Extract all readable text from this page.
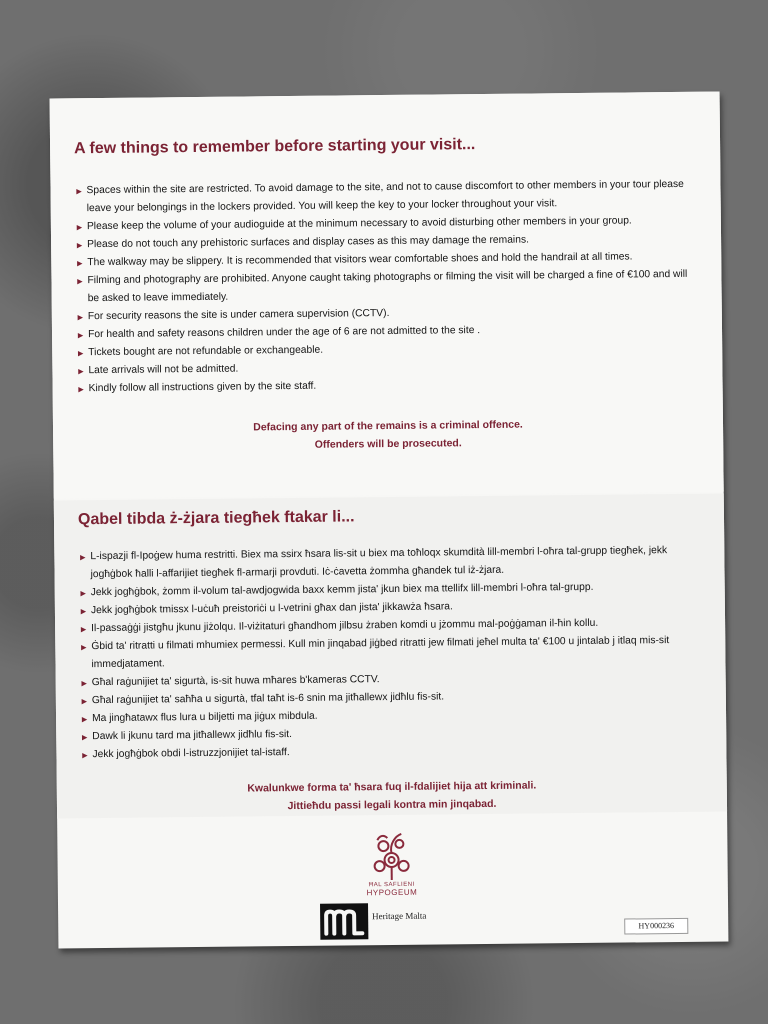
A few things to remember before starting your visit...
► Spaces within the site are restricted. To avoid damage to the site, and not to cause discomfort to other members in your tour please leave your belongings in the lockers provided. You will keep the key to your locker throughout your visit.
► Please keep the volume of your audioguide at the minimum necessary to avoid disturbing other members in your group.
► Please do not touch any prehistoric surfaces and display cases as this may damage the remains.
► The walkway may be slippery. It is recommended that visitors wear comfortable shoes and hold the handrail at all times.
► Filming and photography are prohibited. Anyone caught taking photographs or filming the visit will be charged a fine of €100 and will be asked to leave immediately.
► For security reasons the site is under camera supervision (CCTV).
► For health and safety reasons children under the age of 6 are not admitted to the site .
► Tickets bought are not refundable or exchangeable.
► Late arrivals will not be admitted.
► Kindly follow all instructions given by the site staff.
Defacing any part of the remains is a criminal offence.
Offenders will be prosecuted.
Qabel tibda ż-żjara tiegħek ftakar li...
► L-ispazji fl-Ipoġew huma restritti. Biex ma ssirx ħsara lis-sit u biex ma toħloqx skumdità lill-membri l-oħra tal-grupp tiegħek, jekk jogħġbok ħalli l-affarijiet tiegħek fl-armarji provduti. Iċ-ċavetta żommha għandek tul iż-żjara.
► Jekk jogħġbok, żomm il-volum tal-awdjogwida baxx kemm jista' jkun biex ma ttellifx lill-membri l-oħra tal-grupp.
► Jekk jogħġbok tmissx l-uċuħ preistoriċi u l-vetrini għax dan jista' jikkawża ħsara.
► Il-passaġġi jistgħu jkunu jiżolqu. Il-viżitaturi għandhom jilbsu żraben komdi u jżommu mal-poġġaman il-ħin kollu.
► Ġbid ta' ritratti u filmati mhumiex permessi. Kull min jinqabad jiġbed ritratti jew filmati jeħel multa ta' €100 u jintalab j itlaq mis-sit immedjatament.
► Għal raġunijiet ta' sigurtà, is-sit huwa mħares b'kameras CCTV.
► Għal raġunijiet ta' saħħa u sigurtà, tfal taħt is-6 snin ma jitħallewx jidħlu fis-sit.
► Ma jingħatawx flus lura u biljetti ma jiġux mibdula.
► Dawk li jkunu tard ma jitħallewx jidħlu fis-sit.
► Jekk jogħġbok obdi l-istruzzjonijiet tal-istaff.
Kwalunkwe forma ta' ħsara fuq il-fdalijiet hija att kriminali.
Jittieħdu passi legali kontra min jinqabad.
ĦAL SAFLIENI
HYPOGEUM
Heritage Malta
HY000236
